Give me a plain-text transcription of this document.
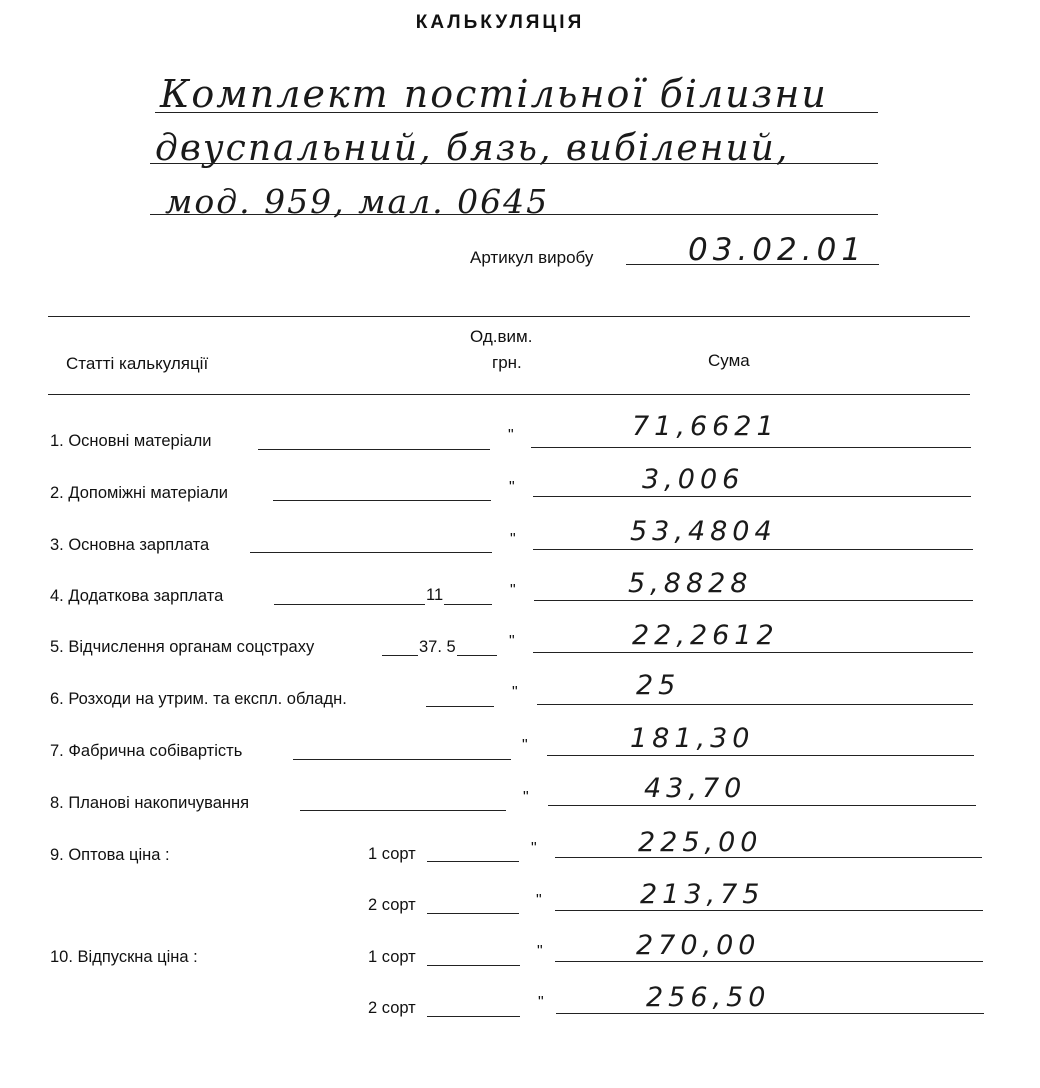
КАЛЬКУЛЯЦІЯ
Комплект постільної білизни
двуспальний, бязь, вибілений,
мод. 959, мал. 0645
Артикул виробу	03.02.01
Статті калькуляції
Од.вим.
грн.	Сума
1. Основні матеріали	"	71,6621
2. Допоміжні матеріали	"	3,006
3. Основна зарплата	"	53,4804
4. Додаткова зарплата	11	"	5,8828
5. Відчислення органам соцстраху	37. 5	"	22,2612
6. Розходи на утрим. та експл. обладн.	"	25
7. Фабрична собівартість	"	181,30
8. Планові накопичування	"	43,70
9. Оптова ціна :	1 сорт	"	225,00
2 сорт	"	213,75
10. Відпускна ціна :	1 сорт	"	270,00
2 сорт	"	256,50
